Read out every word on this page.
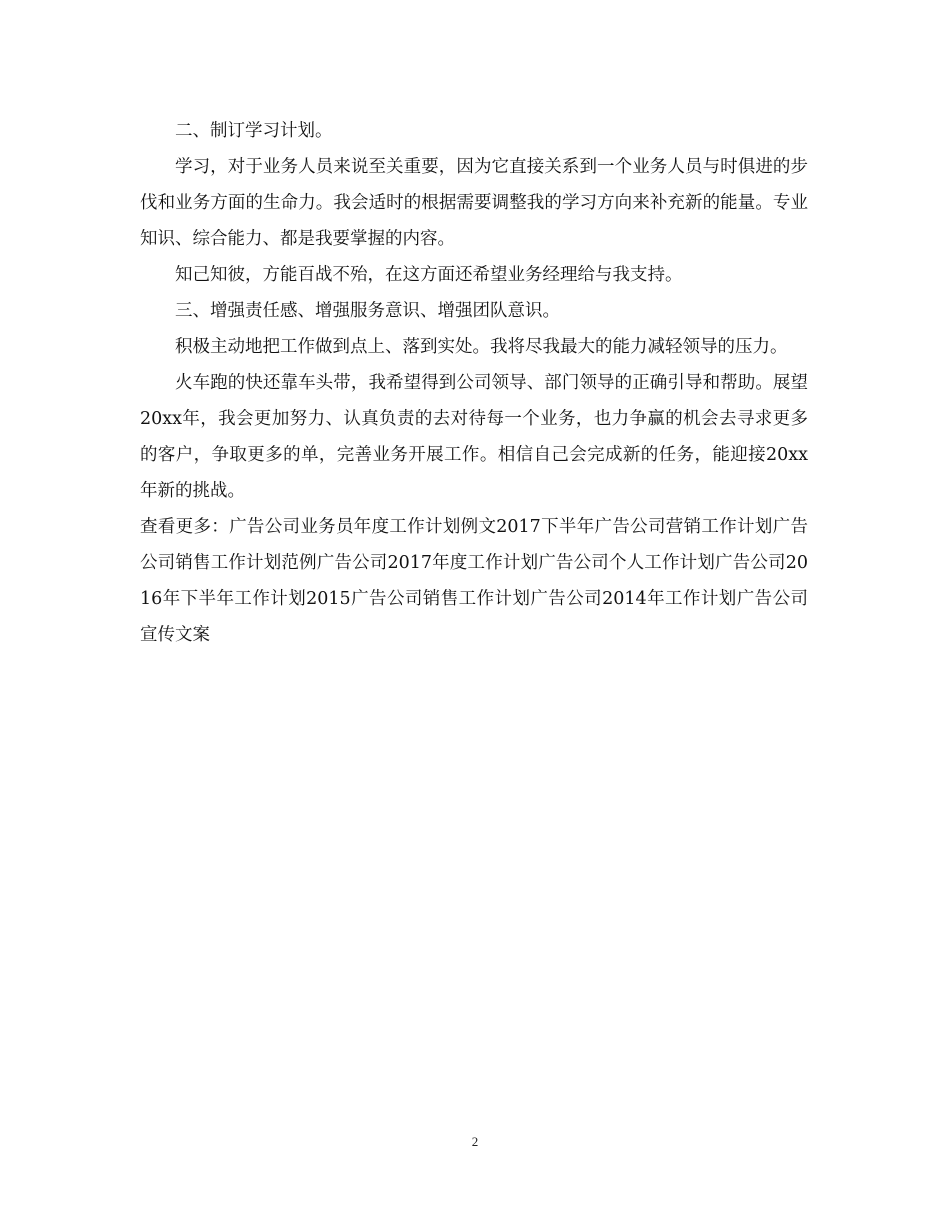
二、制订学习计划。

学习，对于业务人员来说至关重要，因为它直接关系到一个业务人员与时俱进的步伐和业务方面的生命力。我会适时的根据需要调整我的学习方向来补充新的能量。专业知识、综合能力、都是我要掌握的内容。

知己知彼，方能百战不殆，在这方面还希望业务经理给与我支持。

三、增强责任感、增强服务意识、增强团队意识。

积极主动地把工作做到点上、落到实处。我将尽我最大的能力减轻领导的压力。

火车跑的快还靠车头带，我希望得到公司领导、部门领导的正确引导和帮助。展望20xx年，我会更加努力、认真负责的去对待每一个业务，也力争赢的机会去寻求更多的客户，争取更多的单，完善业务开展工作。相信自己会完成新的任务，能迎接20xx年新的挑战。

查看更多：广告公司业务员年度工作计划例文2017下半年广告公司营销工作计划广告公司销售工作计划范例广告公司2017年度工作计划广告公司个人工作计划广告公司2016年下半年工作计划2015广告公司销售工作计划广告公司2014年工作计划广告公司宣传文案

2
